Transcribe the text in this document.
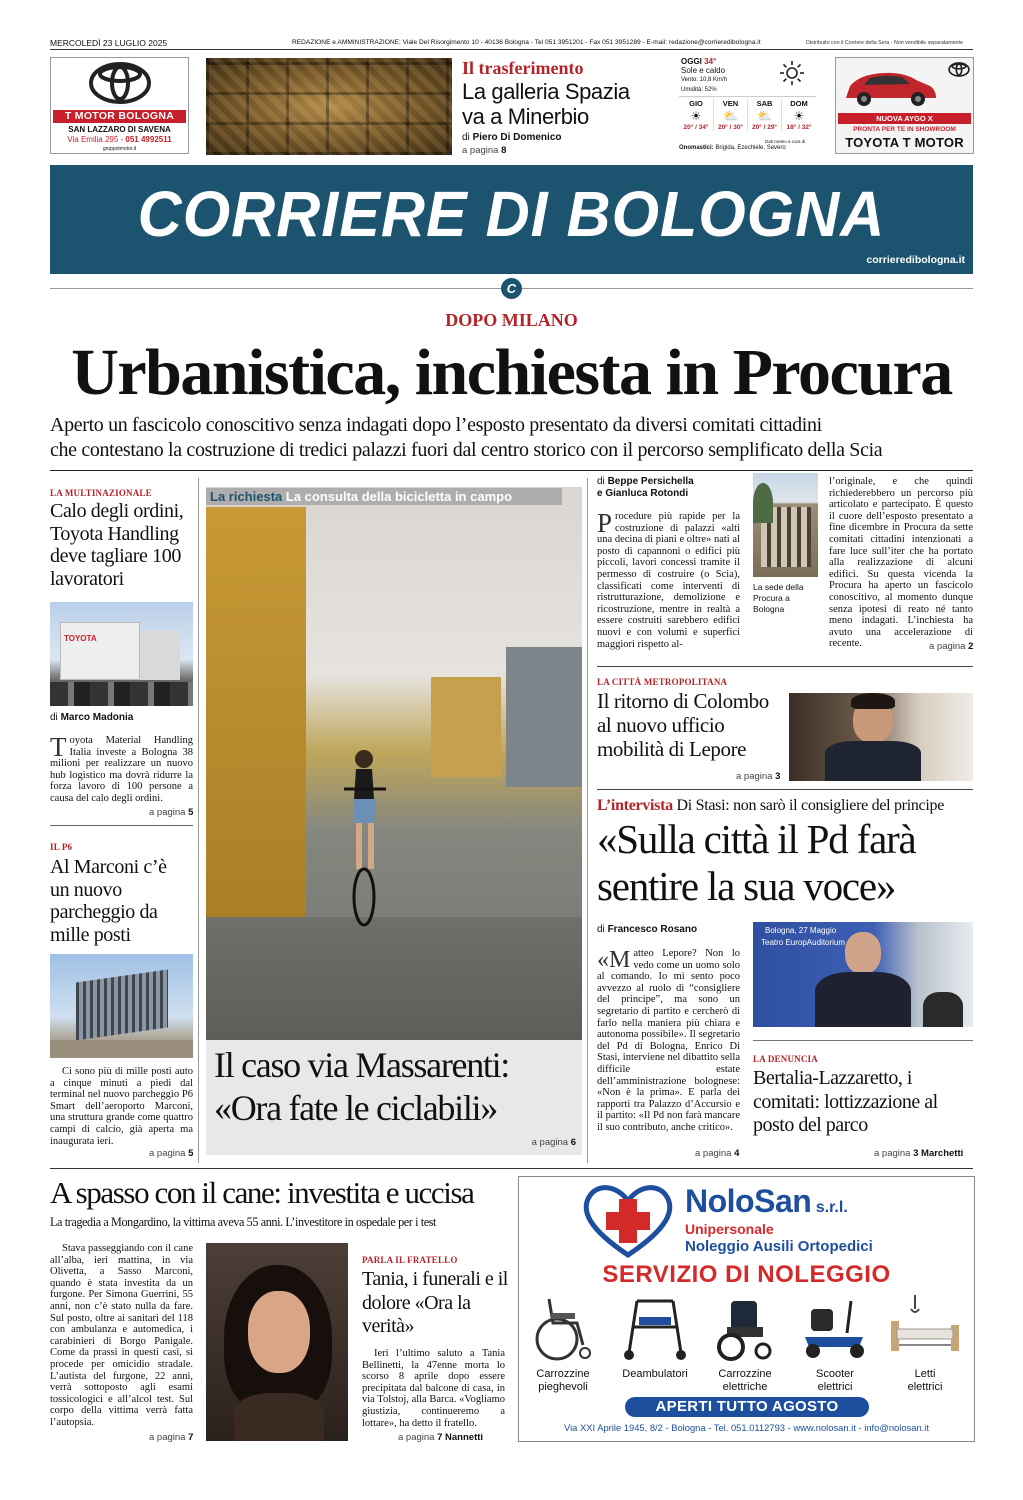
MERCOLEDÌ 23 LUGLIO 2025	REDAZIONE e AMMINISTRAZIONE: Viale Del Risorgimento 10 - 40136 Bologna - Tel 051 3951201 - Fax 051 3951289 - E-mail: redazione@corrieredibologna.it	Distribuito con il Corriere della Sera - Non vendibile separatamente
T MOTOR BOLOGNA
SAN LAZZARO DI SAVENA
Via Emilia 295 - 051 4992511
gruppotmotor.it
Il trasferimento
La galleria Spazia
va a Minerbio
di Piero Di Domenico
a pagina 8
OGGI 34°
Sole e caldo
Vento: 10,8 Km/h
Umidità: 52%
GIO
☀
20° / 34°
VEN
⛅
20° / 30°
SAB
⛅
20° / 29°
DOM
☀
18° / 32°
Dati meteo a cura di
Onomastici: Brigida, Ezechiele, Severo
NUOVA AYGO X
PRONTA PER TE IN SHOWROOM
TOYOTA T MOTOR
CORRIERE DI BOLOGNA
corrieredibologna.it
C
DOPO MILANO
Urbanistica, inchiesta in Procura
Aperto un fascicolo conoscitivo senza indagati dopo l’esposto presentato da diversi comitati cittadini
che contestano la costruzione di tredici palazzi fuori dal centro storico con il percorso semplificato della Scia
LA MULTINAZIONALE
Calo degli ordini, Toyota Handling deve tagliare 100 lavoratori
TOYOTA
di Marco Madonia
Toyota Material Handling Italia investe a Bologna 38 milioni per realizzare un nuovo hub logistico ma dovrà ridurre la forza lavoro di 100 persone a causa del calo degli ordini.
a pagina 5
IL P6
Al Marconi c’è un nuovo parcheggio da mille posti
Ci sono più di mille posti auto a cinque minuti a piedi dal terminal nel nuovo parcheggio P6 Smart dell’aeroporto Marconi, una struttura grande come quattro campi di calcio, già aperta ma inaugurata ieri.
a pagina 5
La richiesta La consulta della bicicletta in campo
Il caso via Massarenti:
«Ora fate le ciclabili»
a pagina 6
di Beppe Persichella
e Gianluca Rotondi
Procedure più rapide per la costruzione di palazzi «alti una decina di piani e oltre» nati al posto di capannoni o edifici più piccoli, lavori concessi tramite il permesso di costruire (o Scia), classificati come interventi di ristrutturazione, demolizione e ricostruzione, mentre in realtà a essere costruiti sarebbero edifici nuovi e con volumi e superfici maggiori rispetto al-
La sede della Procura a Bologna
l’originale, e che quindi richiederebbero un percorso più articolato e partecipato. È questo il cuore dell’esposto presentato a fine dicembre in Procura da sette comitati cittadini intenzionati a fare luce sull’iter che ha portato alla realizzazione di alcuni edifici. Su questa vicenda la Procura ha aperto un fascicolo conoscitivo, al momento dunque senza ipotesi di reato né tanto meno indagati. L’inchiesta ha avuto una accelerazione di recente.	a pagina 2
LA CITTÀ METROPOLITANA
Il ritorno di Colombo al nuovo ufficio mobilità di Lepore
a pagina 3
L’intervista Di Stasi: non sarò il consigliere del principe
«Sulla città il Pd farà
sentire la sua voce»
di Francesco Rosano
«Matteo Lepore? Non lo vedo come un uomo solo al comando. Io mi sento poco avvezzo al ruolo di “consigliere del principe”, ma sono un segretario di partito e cercherò di farlo nella maniera più chiara e autonoma possibile». Il segretario del Pd di Bologna, Enrico Di Stasi, interviene nel dibattito sella difficile estate dell’amministrazione bolognese: «Non è la prima». E parla dei rapporti tra Palazzo d’Accursio e il partito: «Il Pd non farà mancare il suo contributo, anche critico».
a pagina 4
Bologna, 27 Maggio
Teatro EuropAuditorium
LA DENUNCIA
Bertalia-Lazzaretto, i comitati: lottizzazione al posto del parco
a pagina 3 Marchetti
A spasso con il cane: investita e uccisa
La tragedia a Mongardino, la vittima aveva 55 anni. L’investitore in ospedale per i test
Stava passeggiando con il cane all’alba, ieri mattina, in via Olivetta, a Sasso Marconi, quando è stata investita da un furgone. Per Simona Guerrini, 55 anni, non c’è stato nulla da fare. Sul posto, oltre ai sanitari del 118 con ambulanza e automedica, i carabinieri di Borgo Panigale. Come da prassi in questi casi, si procede per omicidio stradale. L’autista del furgone, 22 anni, verrà sottoposto agli esami tossicologici e all’alcol test. Sul corpo della vittima verrà fatta l’autopsia.
a pagina 7
PARLA IL FRATELLO
Tania, i funerali e il dolore «Ora la verità»
Ieri l’ultimo saluto a Tania Bellinetti, la 47enne morta lo scorso 8 aprile dopo essere precipitata dal balcone di casa, in via Tolstoj, alla Barca. «Vogliamo giustizia, continueremo a lottare», ha detto il fratello.
a pagina 7 Nannetti
NoloSan s.r.l.
Unipersonale
Noleggio Ausili Ortopedici
SERVIZIO DI NOLEGGIO
Carrozzine
pieghevoli
Deambulatori	Carrozzine
elettriche
Scooter
elettrici
Letti
elettrici
APERTI TUTTO AGOSTO
Via XXI Aprile 1945, 8/2 - Bologna - Tel. 051.0112793 - www.nolosan.it - info@nolosan.it
